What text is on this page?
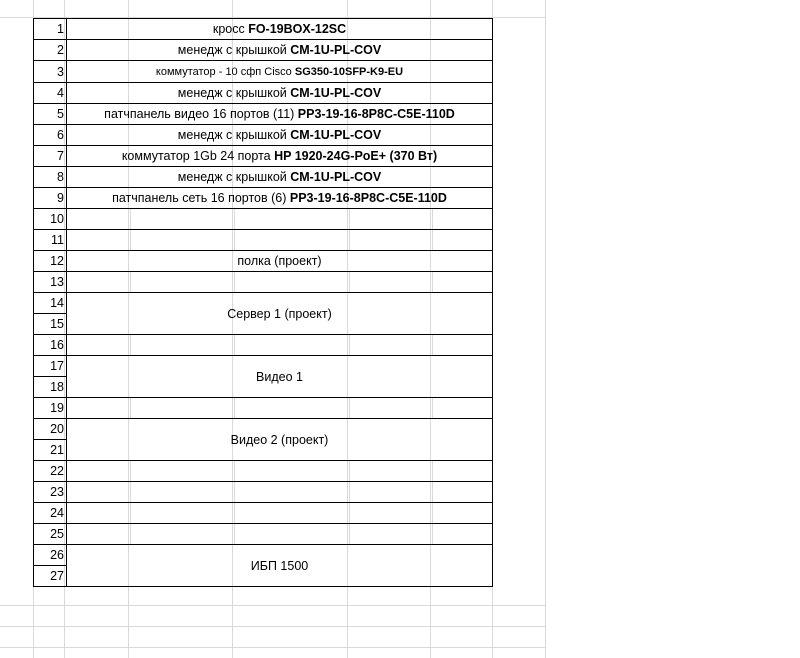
1	кросс FO-19BOX-12SC
2	менедж с крышкой CM-1U-PL-COV
3	коммутатор - 10 сфп Cisco SG350-10SFP-K9-EU
4	менедж с крышкой CM-1U-PL-COV
5	патчпанель видео 16 портов (11) PP3-19-16-8P8C-C5E-110D
6	менедж с крышкой CM-1U-PL-COV
7	коммутатор 1Gb 24 порта HP 1920-24G-PoE+ (370 Вт)
8	менедж с крышкой CM-1U-PL-COV
9	патчпанель сеть 16 портов (6) PP3-19-16-8P8C-C5E-110D
10	
11	
12	полка (проект)
13	
14	Сервер 1 (проект)
15	
16	
17	Видео 1
18	
19	
20	Видео 2 (проект)
21	
22	
23	
24	
25	
26	ИБП 1500
27	
